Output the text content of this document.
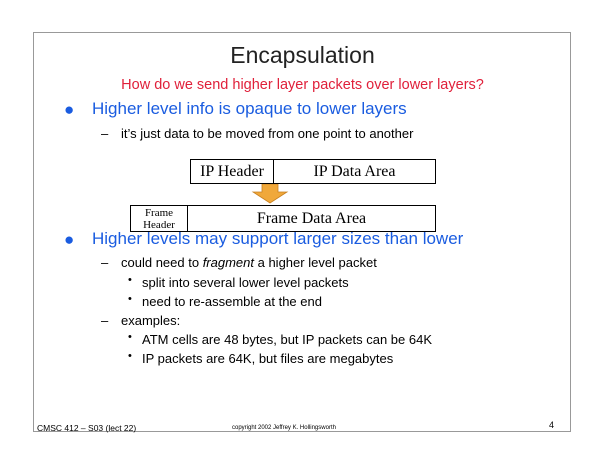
Encapsulation
How do we send higher layer packets over lower layers?
● Higher level info is opaque to lower layers
– it’s just data to be moved from one point to another
IP Header	IP Data Area
Frame Header	Frame Data Area
● Higher levels may support larger sizes than lower
– could need to fragment a higher level packet
• split into several lower level packets
• need to re-assemble at the end
– examples:
• ATM cells are 48 bytes, but IP packets can be 64K
• IP packets are 64K, but files are megabytes
CMSC 412 – S03 (lect 22)	copyright 2002 Jeffrey K. Hollingsworth	4
